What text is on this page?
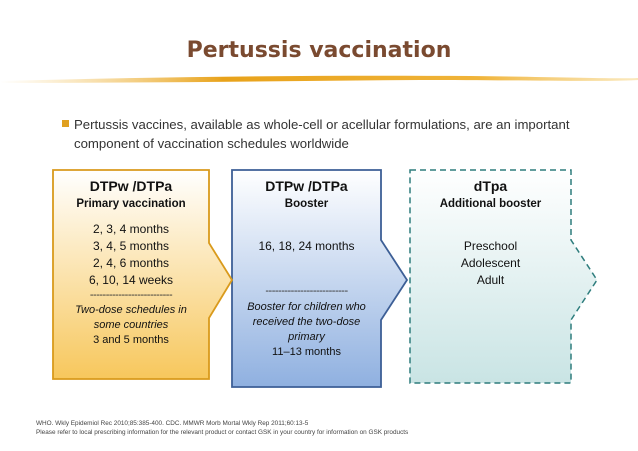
Pertussis vaccination
Pertussis vaccines, available as whole-cell or acellular formulations, are an important component of vaccination schedules worldwide
DTPw /DTPa
Primary vaccination
2, 3, 4 months
3, 4, 5 months
2, 4, 6 months
6, 10, 14 weeks
--------------------------
Two-dose schedules in some countries
3 and 5 months
DTPw /DTPa
Booster
16, 18, 24 months
--------------------------
Booster for children who received the two-dose primary
11–13 months
dTpa
Additional booster
Preschool
Adolescent
Adult
WHO. Wkly Epidemiol Rec 2010;85:385-400. CDC. MMWR Morb Mortal Wkly Rep 2011;60:13-5
Please refer to local prescribing information for the relevant product or contact GSK in your country for information on GSK products
